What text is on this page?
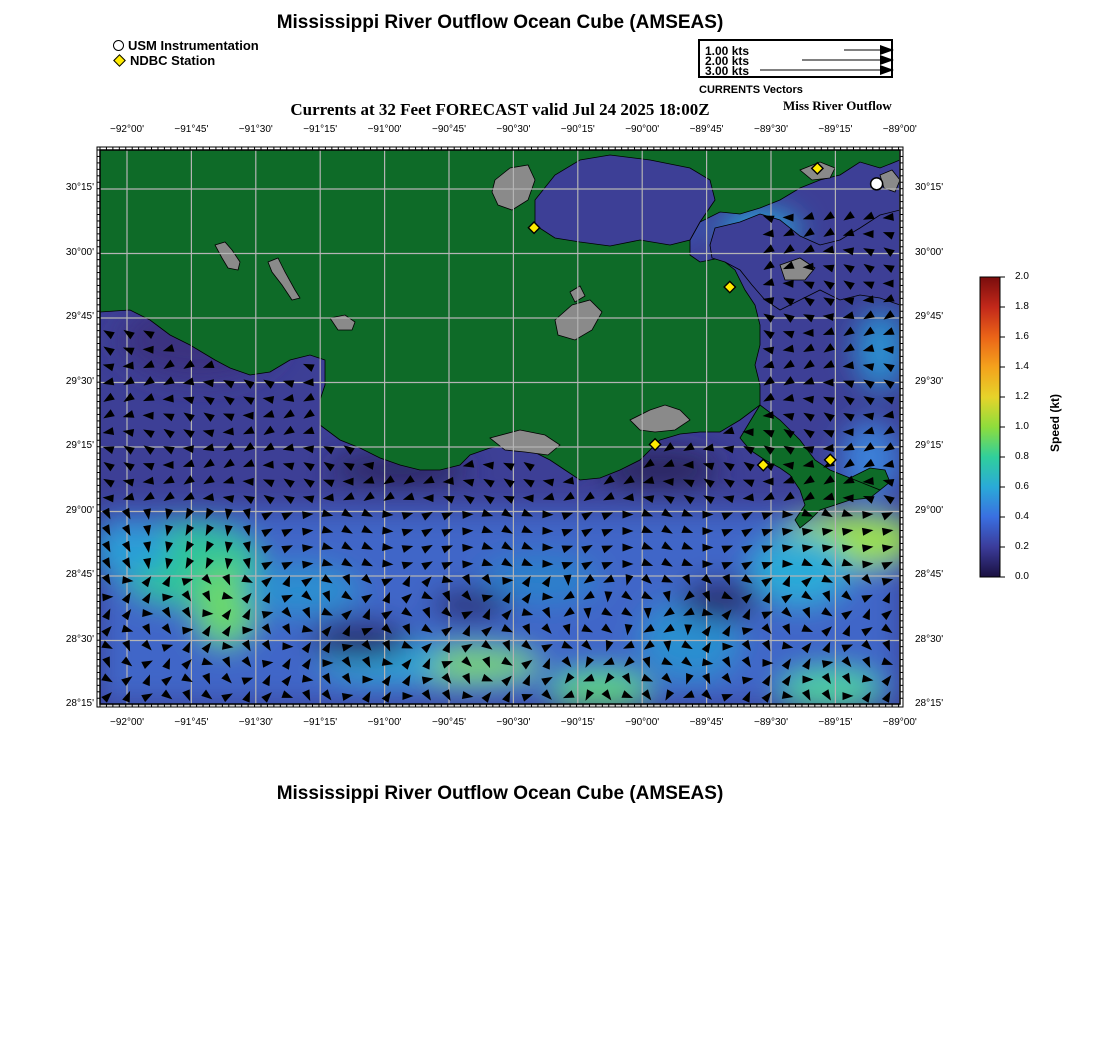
Mississippi River Outflow Ocean Cube (AMSEAS)
USM Instrumentation
NDBC Station
1.00 kts
2.00 kts
3.00 kts
CURRENTS Vectors
Currents at 32 Feet FORECAST valid Jul 24 2025 18:00Z	Miss River Outflow
−92°00'
−92°00'
−91°45'
−91°45'
−91°30'
−91°30'
−91°15'
−91°15'
−91°00'
−91°00'
−90°45'
−90°45'
−90°30'
−90°30'
−90°15'
−90°15'
−90°00'
−90°00'
−89°45'
−89°45'
−89°30'
−89°30'
−89°15'
−89°15'
−89°00'
−89°00'
30°15'	30°15'
30°00'	30°00'
29°45'	29°45'
29°30'	29°30'
29°15'	29°15'
29°00'	29°00'
28°45'	28°45'
28°30'	28°30'
28°15'	28°15'
0.0
0.2
0.4
0.6
0.8
1.0
1.2
1.4
1.6
1.8
2.0
Speed (kt)
Mississippi River Outflow Ocean Cube (AMSEAS)
